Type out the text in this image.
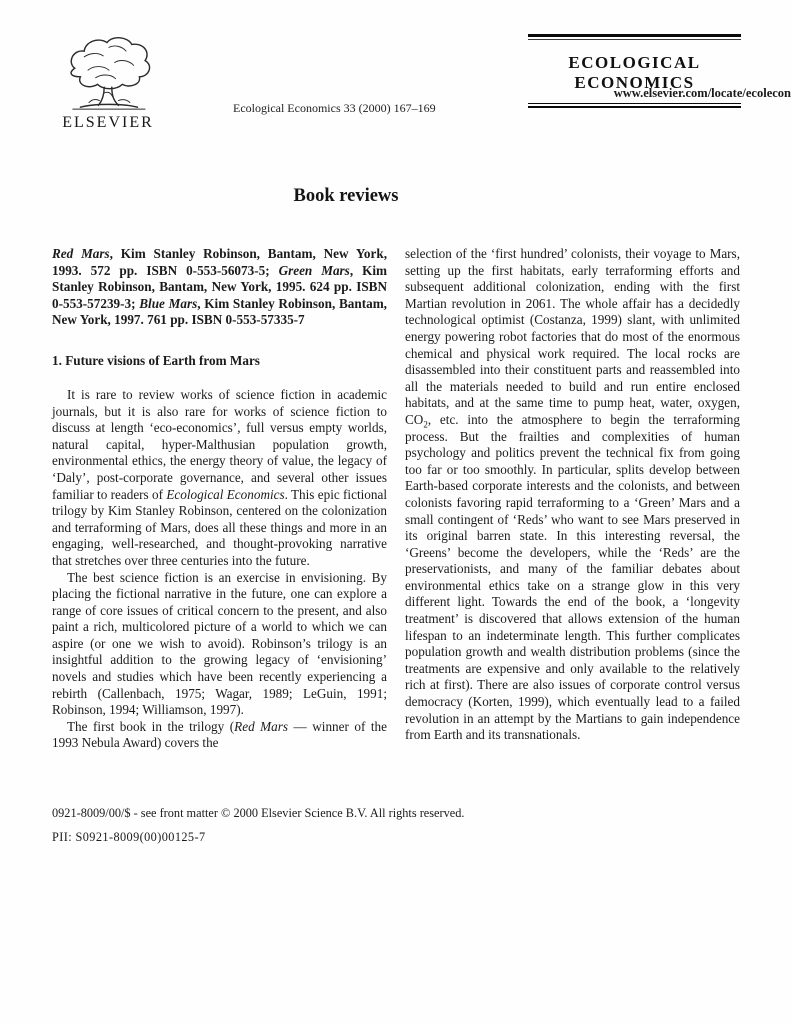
ELSEVIER
Ecological Economics 33 (2000) 167–169
ECOLOGICAL
ECONOMICS
www.elsevier.com/locate/ecolecon
Book reviews

Red Mars, Kim Stanley Robinson, Bantam, New York, 1993. 572 pp. ISBN 0-553-56073-5; Green Mars, Kim Stanley Robinson, Bantam, New York, 1995. 624 pp. ISBN 0-553-57239-3; Blue Mars, Kim Stanley Robinson, Bantam, New York, 1997. 761 pp. ISBN 0-553-57335-7

1. Future visions of Earth from Mars

It is rare to review works of science fiction in academic journals, but it is also rare for works of science fiction to discuss at length ‘eco-economics’, full versus empty worlds, natural capital, hyper-Malthusian population growth, environmental ethics, the energy theory of value, the legacy of ‘Daly’, post-corporate governance, and several other issues familiar to readers of Ecological Economics. This epic fictional trilogy by Kim Stanley Robinson, centered on the colonization and terraforming of Mars, does all these things and more in an engaging, well-researched, and thought-provoking narrative that stretches over three centuries into the future.

The best science fiction is an exercise in envisioning. By placing the fictional narrative in the future, one can explore a range of core issues of critical concern to the present, and also paint a rich, multicolored picture of a world to which we can aspire (or one we wish to avoid). Robinson’s trilogy is an insightful addition to the growing legacy of ‘envisioning’ novels and studies which have been recently experiencing a rebirth (Callenbach, 1975; Wagar, 1989; LeGuin, 1991; Robinson, 1994; Williamson, 1997).

The first book in the trilogy (Red Mars — winner of the 1993 Nebula Award) covers the

selection of the ‘first hundred’ colonists, their voyage to Mars, setting up the first habitats, early terraforming efforts and subsequent additional colonization, ending with the first Martian revolution in 2061. The whole affair has a decidedly technological optimist (Costanza, 1999) slant, with unlimited energy powering robot factories that do most of the enormous chemical and physical work required. The local rocks are disassembled into their constituent parts and reassembled into all the materials needed to build and run entire enclosed habitats, and at the same time to pump heat, water, oxygen, $CO_2$, etc. into the atmosphere to begin the terraforming process. But the frailties and complexities of human psychology and politics prevent the technical fix from going too far or too smoothly. In particular, splits develop between Earth-based corporate interests and the colonists, and between colonists favoring rapid terraforming to a ‘Green’ Mars and a small contingent of ‘Reds’ who want to see Mars preserved in its original barren state. In this interesting reversal, the ‘Greens’ become the developers, while the ‘Reds’ are the preservationists, and many of the familiar debates about environmental ethics take on a strange glow in this very different light. Towards the end of the book, a ‘longevity treatment’ is discovered that allows extension of the human lifespan to an indeterminate length. This further complicates population growth and wealth distribution problems (since the treatments are expensive and only available to the relatively rich at first). There are also issues of corporate control versus democracy (Korten, 1999), which eventually lead to a failed revolution in an attempt by the Martians to gain independence from Earth and its transnationals.

0921-8009/00/$ - see front matter © 2000 Elsevier Science B.V. All rights reserved.
PII: S0921-8009(00)00125-7
